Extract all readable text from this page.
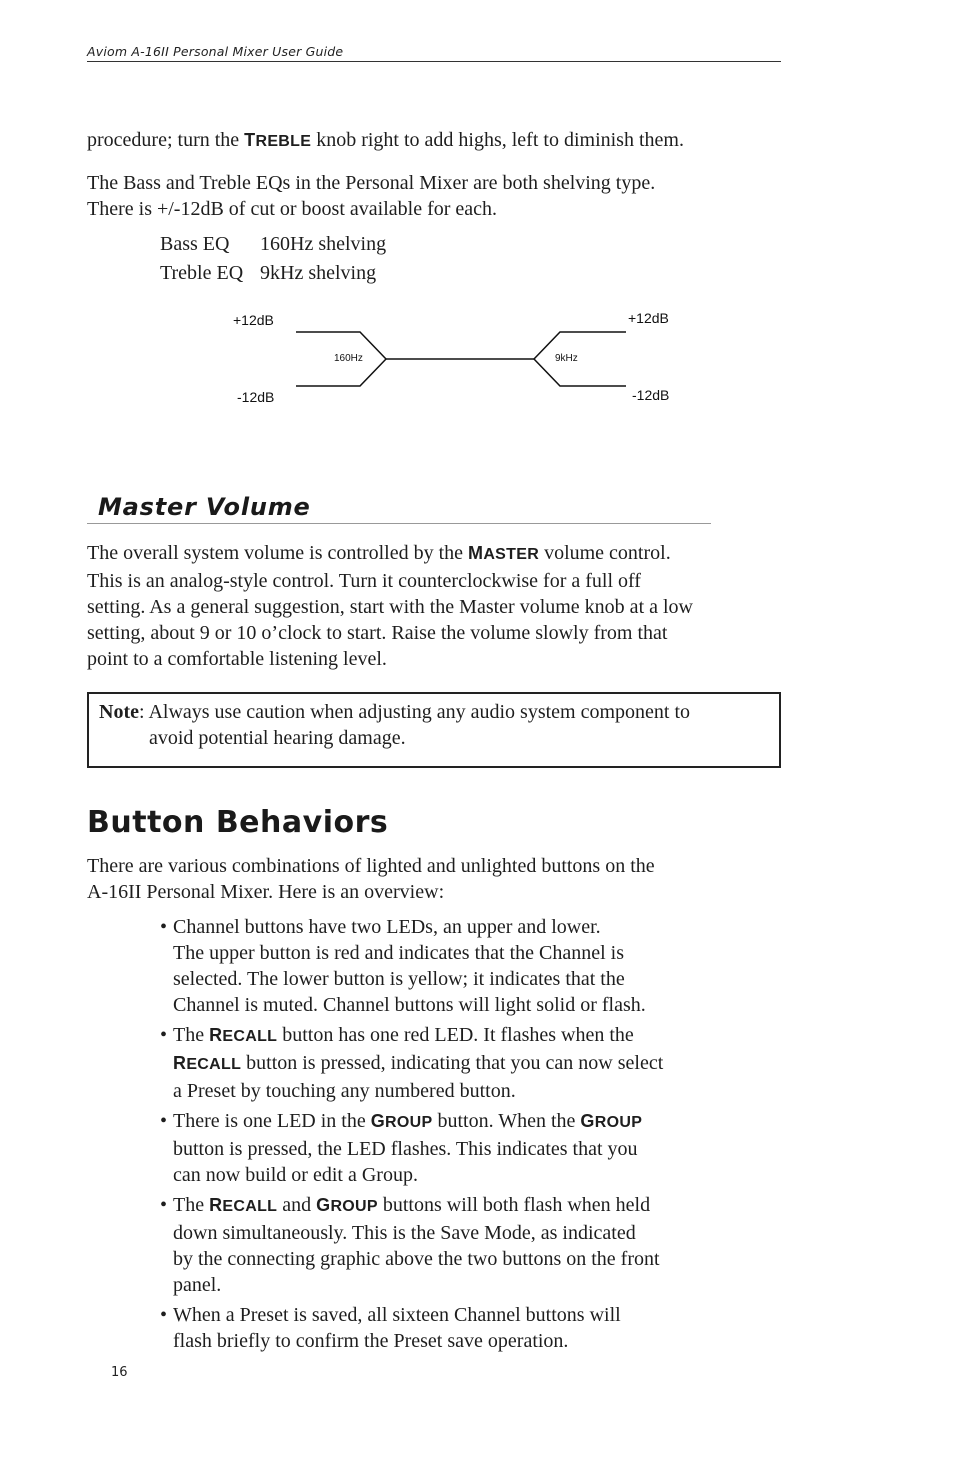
Aviom A-16II Personal Mixer User Guide

procedure; turn the TREBLE knob right to add highs, left to diminish them.

The Bass and Treble EQs in the Personal Mixer are both shelving type.

There is +/-12dB of cut or boost available for each.

Bass EQ 160Hz shelving
Treble EQ 9kHz shelving
+12dB
-12dB
160Hz
+12dB
-12dB
9kHz
Master Volume

The overall system volume is controlled by the MASTER volume control.

This is an analog-style control. Turn it counterclockwise for a full off

setting. As a general suggestion, start with the Master volume knob at a low

setting, about 9 or 10 o’clock to start. Raise the volume slowly from that

point to a comfortable listening level.

Note: Always use caution when adjusting any audio system component to

avoid potential hearing damage.
Button Behaviors

There are various combinations of lighted and unlighted buttons on the

A-16II Personal Mixer. Here is an overview:

• Channel buttons have two LEDs, an upper and lower.

The upper button is red and indicates that the Channel is

selected. The lower button is yellow; it indicates that the

Channel is muted. Channel buttons will light solid or flash.

• The RECALL button has one red LED. It flashes when the

RECALL button is pressed, indicating that you can now select

a Preset by touching any numbered button.

• There is one LED in the GROUP button. When the GROUP

button is pressed, the LED flashes. This indicates that you

can now build or edit a Group.

• The RECALL and GROUP buttons will both flash when held

down simultaneously. This is the Save Mode, as indicated

by the connecting graphic above the two buttons on the front

panel.

• When a Preset is saved, all sixteen Channel buttons will

flash briefly to confirm the Preset save operation.

16
